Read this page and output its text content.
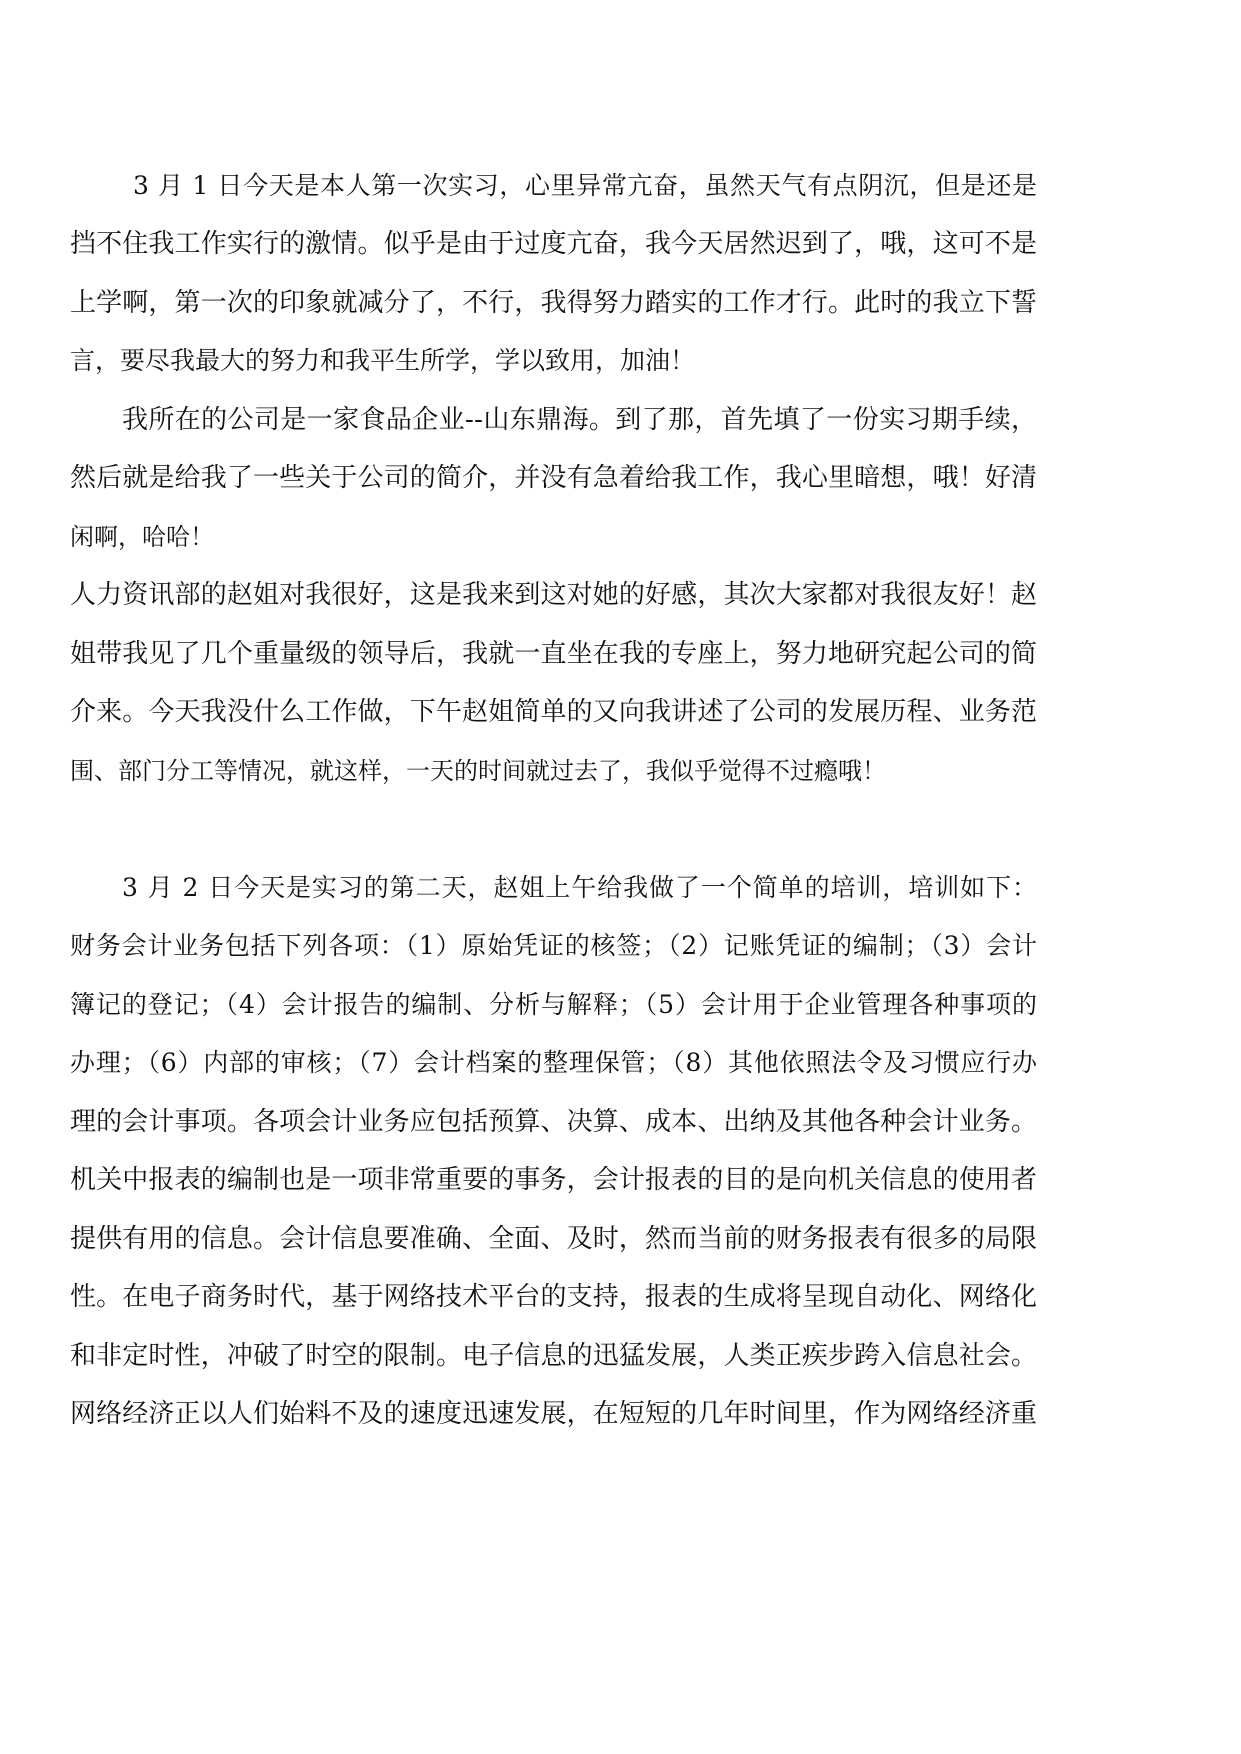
3 月 1 日今天是本人第一次实习，心里异常亢奋，虽然天气有点阴沉，但是还是
挡不住我工作实行的激情。似乎是由于过度亢奋，我今天居然迟到了，哦，这可不是
上学啊，第一次的印象就减分了，不行，我得努力踏实的工作才行。此时的我立下誓
言，要尽我最大的努力和我平生所学，学以致用，加油！
我所在的公司是一家食品企业--山东鼎海。到了那，首先填了一份实习期手续，
然后就是给我了一些关于公司的简介，并没有急着给我工作，我心里暗想，哦！好清
闲啊，哈哈！
人力资讯部的赵姐对我很好，这是我来到这对她的好感，其次大家都对我很友好！赵
姐带我见了几个重量级的领导后，我就一直坐在我的专座上，努力地研究起公司的简
介来。今天我没什么工作做，下午赵姐简单的又向我讲述了公司的发展历程、业务范
围、部门分工等情况，就这样，一天的时间就过去了，我似乎觉得不过瘾哦！
3 月 2 日今天是实习的第二天，赵姐上午给我做了一个简单的培训，培训如下：
财务会计业务包括下列各项：（1）原始凭证的核签；（2）记账凭证的编制；（3）会计
簿记的登记；（4）会计报告的编制、分析与解释；（5）会计用于企业管理各种事项的
办理；（6）内部的审核；（7）会计档案的整理保管；（8）其他依照法令及习惯应行办
理的会计事项。各项会计业务应包括预算、决算、成本、出纳及其他各种会计业务。
机关中报表的编制也是一项非常重要的事务，会计报表的目的是向机关信息的使用者
提供有用的信息。会计信息要准确、全面、及时，然而当前的财务报表有很多的局限
性。在电子商务时代，基于网络技术平台的支持，报表的生成将呈现自动化、网络化
和非定时性，冲破了时空的限制。电子信息的迅猛发展，人类正疾步跨入信息社会。
网络经济正以人们始料不及的速度迅速发展，在短短的几年时间里，作为网络经济重
